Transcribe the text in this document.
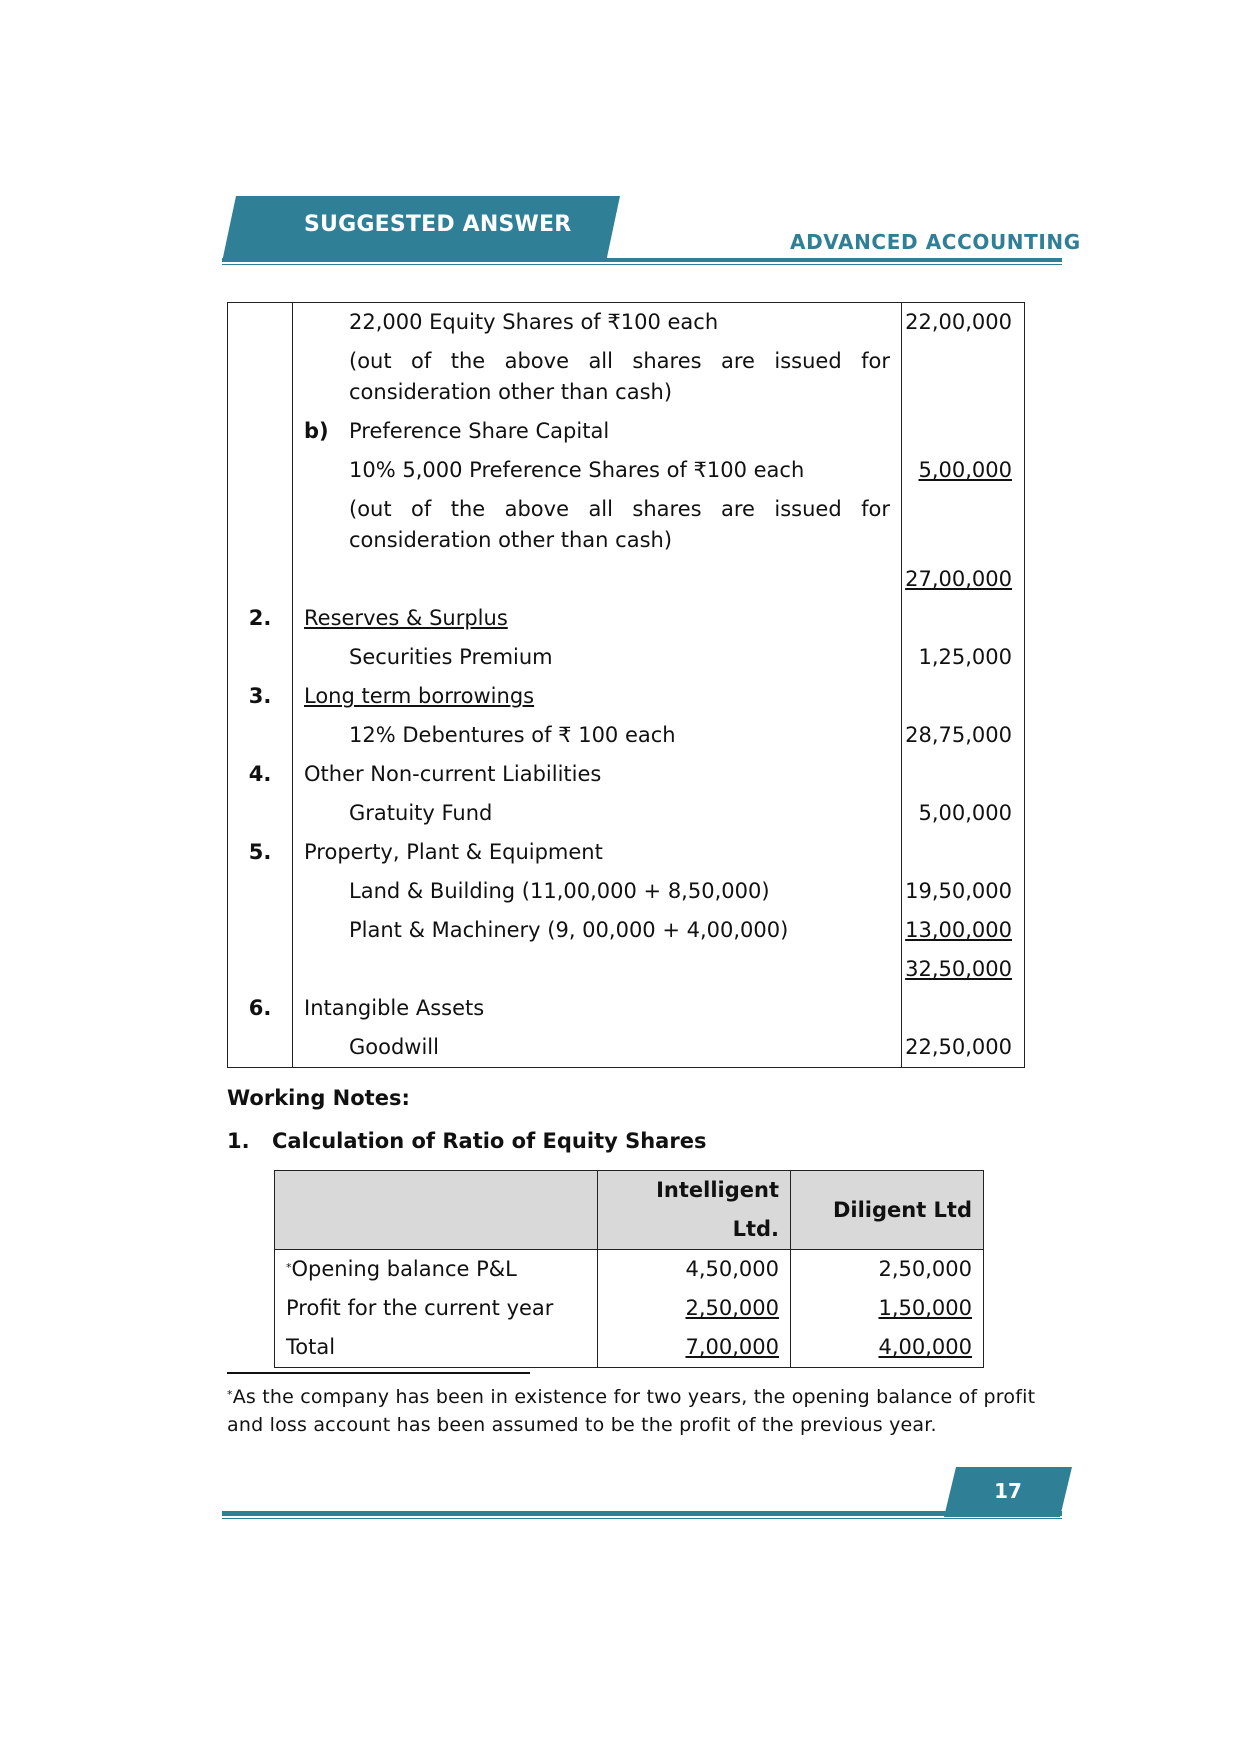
SUGGESTED ANSWER
ADVANCED ACCOUNTING

	22,000 Equity Shares of ₹100 each	22,00,000

	(out of the above all shares are issued for consideration other than cash)	

	b) Preference Share Capital	

	10% 5,000 Preference Shares of ₹100 each	5,00,000

	(out of the above all shares are issued for consideration other than cash)	

		27,00,000
2.	Reserves & Surplus	

	Securities Premium	1,25,000
3.	Long term borrowings	

	12% Debentures of ₹ 100 each	28,75,000
4.	Other Non-current Liabilities	

	Gratuity Fund	5,00,000
5.	Property, Plant & Equipment	

	Land & Building (11,00,000 + 8,50,000)	19,50,000

	Plant & Machinery (9, 00,000 + 4,00,000)	13,00,000
		32,50,000
6.	Intangible Assets	

	Goodwill	22,50,000
Working Notes:
1. Calculation of Ratio of Equity Shares
	Intelligent Ltd.	Diligent Ltd
*Opening balance P&L	4,50,000	2,50,000
Profit for the current year	2,50,000	1,50,000
Total	7,00,000	4,00,000
*As the company has been in existence for two years, the opening balance of profit and loss account has been assumed to be the profit of the previous year.
17
